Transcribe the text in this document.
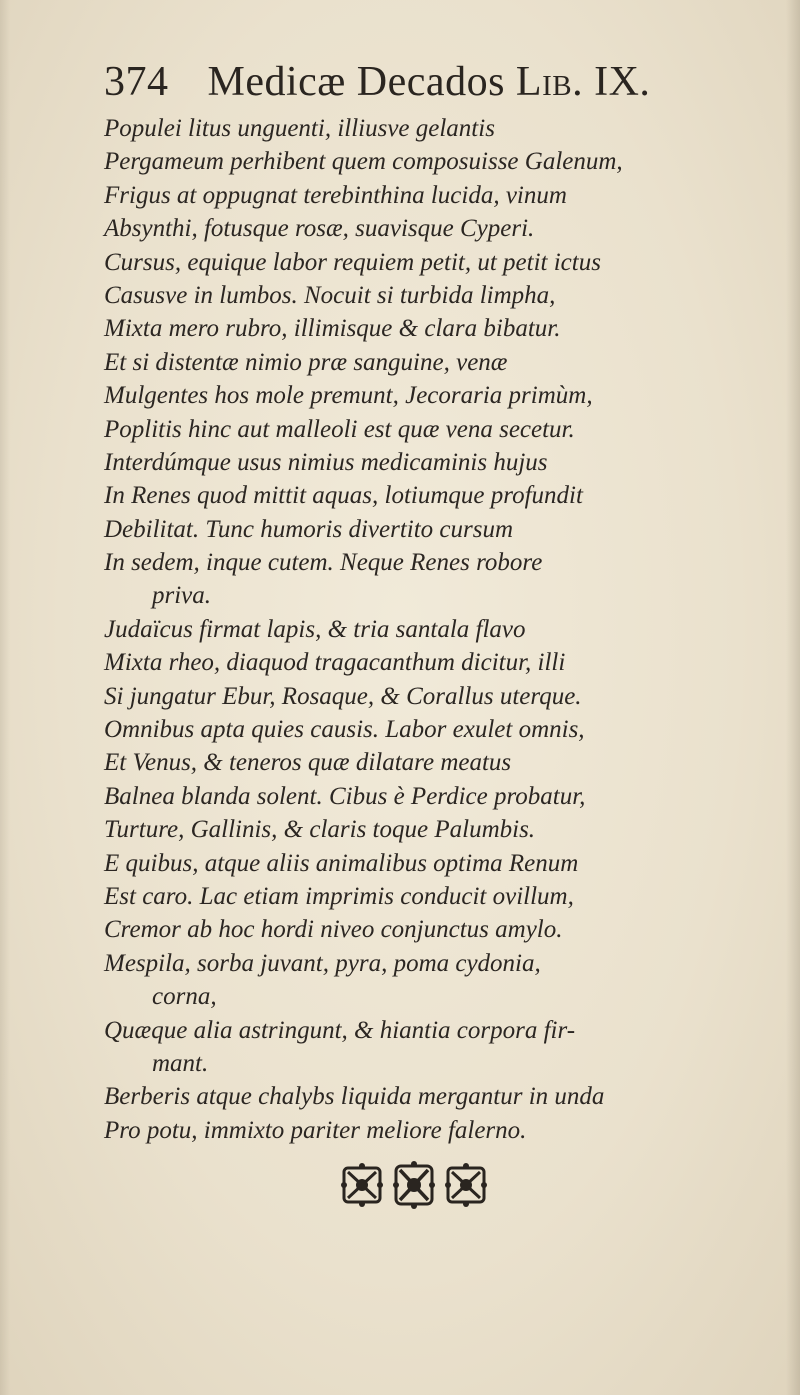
374 Medicæ Decados Lib. IX.
Populei litus unguenti, illiusve gelantis
Pergameum perhibent quem composuisse Galenum,
Frigus at oppugnat terebinthina lucida, vinum
Absynthi, fotusque rosæ, suavisque Cyperi.
Cursus, equique labor requiem petit, ut petit ictus
Casusve in lumbos. Nocuit si turbida limpha,
Mixta mero rubro, illimisque & clara bibatur.
Et si distentæ nimio præ sanguine, venæ
Mulgentes hos mole premunt, Jecoraria primùm,
Poplitis hinc aut malleoli est quæ vena secetur.
Interdúmque usus nimius medicaminis hujus
In Renes quod mittit aquas, lotiumque profundit
Debilitat. Tunc humoris divertito cursum
In sedem, inque cutem. Neque Renes robore
priva.
Judaïcus firmat lapis, & tria santala flavo
Mixta rheo, diaquod tragacanthum dicitur, illi
Si jungatur Ebur, Rosaque, & Corallus uterque.
Omnibus apta quies causis. Labor exulet omnis,
Et Venus, & teneros quæ dilatare meatus
Balnea blanda solent. Cibus è Perdice probatur,
Turture, Gallinis, & claris toque Palumbis.
E quibus, atque aliis animalibus optima Renum
Est caro. Lac etiam imprimis conducit ovillum,
Cremor ab hoc hordi niveo conjunctus amylo.
Mespila, sorba juvant, pyra, poma cydonia,
corna,
Quæque alia astringunt, & hiantia corpora fir-
mant.
Berberis atque chalybs liquida mergantur in unda
Pro potu, immixto pariter meliore falerno.
